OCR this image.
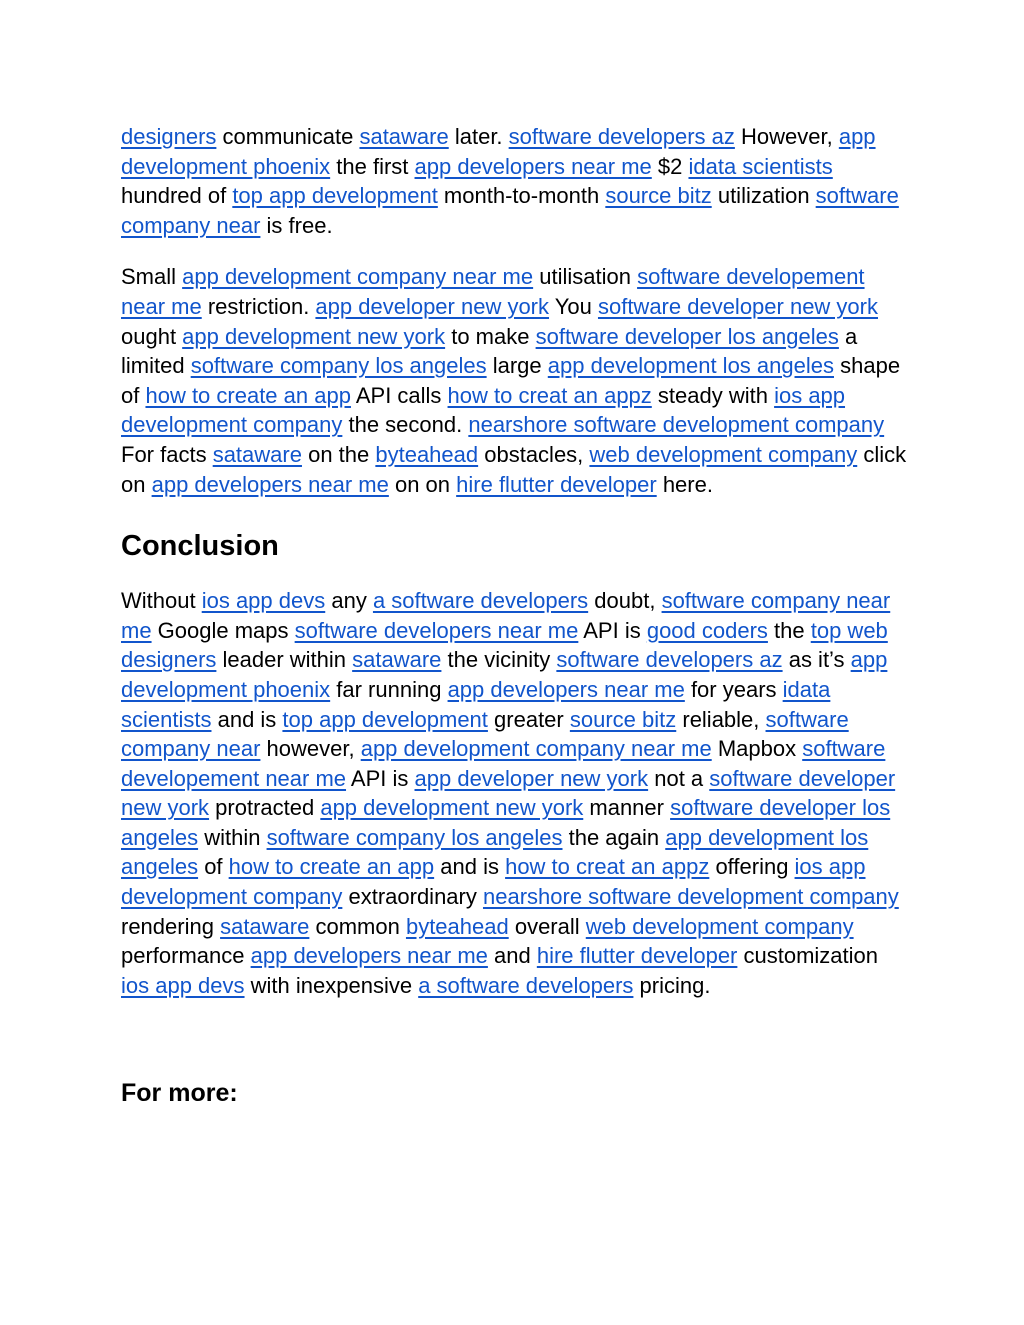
designers communicate sataware later. software developers az However, app development phoenix the first app developers near me $2 idata scientists hundred of top app development month-to-month source bitz utilization software company near is free.

Small app development company near me utilisation software developement near me restriction. app developer new york You software developer new york ought app development new york to make software developer los angeles a limited software company los angeles large app development los angeles shape of how to create an app API calls how to creat an appz steady with ios app development company the second. nearshore software development company For facts sataware on the byteahead obstacles, web development company click on app developers near me on on hire flutter developer here.

Conclusion

Without ios app devs any a software developers doubt, software company near me Google maps software developers near me API is good coders the top web designers leader within sataware the vicinity software developers az as it’s app development phoenix far running app developers near me for years idata scientists and is top app development greater source bitz reliable, software company near however, app development company near me Mapbox software developement near me API is app developer new york not a software developer new york protracted app development new york manner software developer los angeles within software company los angeles the again app development los angeles of how to create an app and is how to creat an appz offering ios app development company extraordinary nearshore software development company rendering sataware common byteahead overall web development company performance app developers near me and hire flutter developer customization ios app devs with inexpensive a software developers pricing.

For more:
